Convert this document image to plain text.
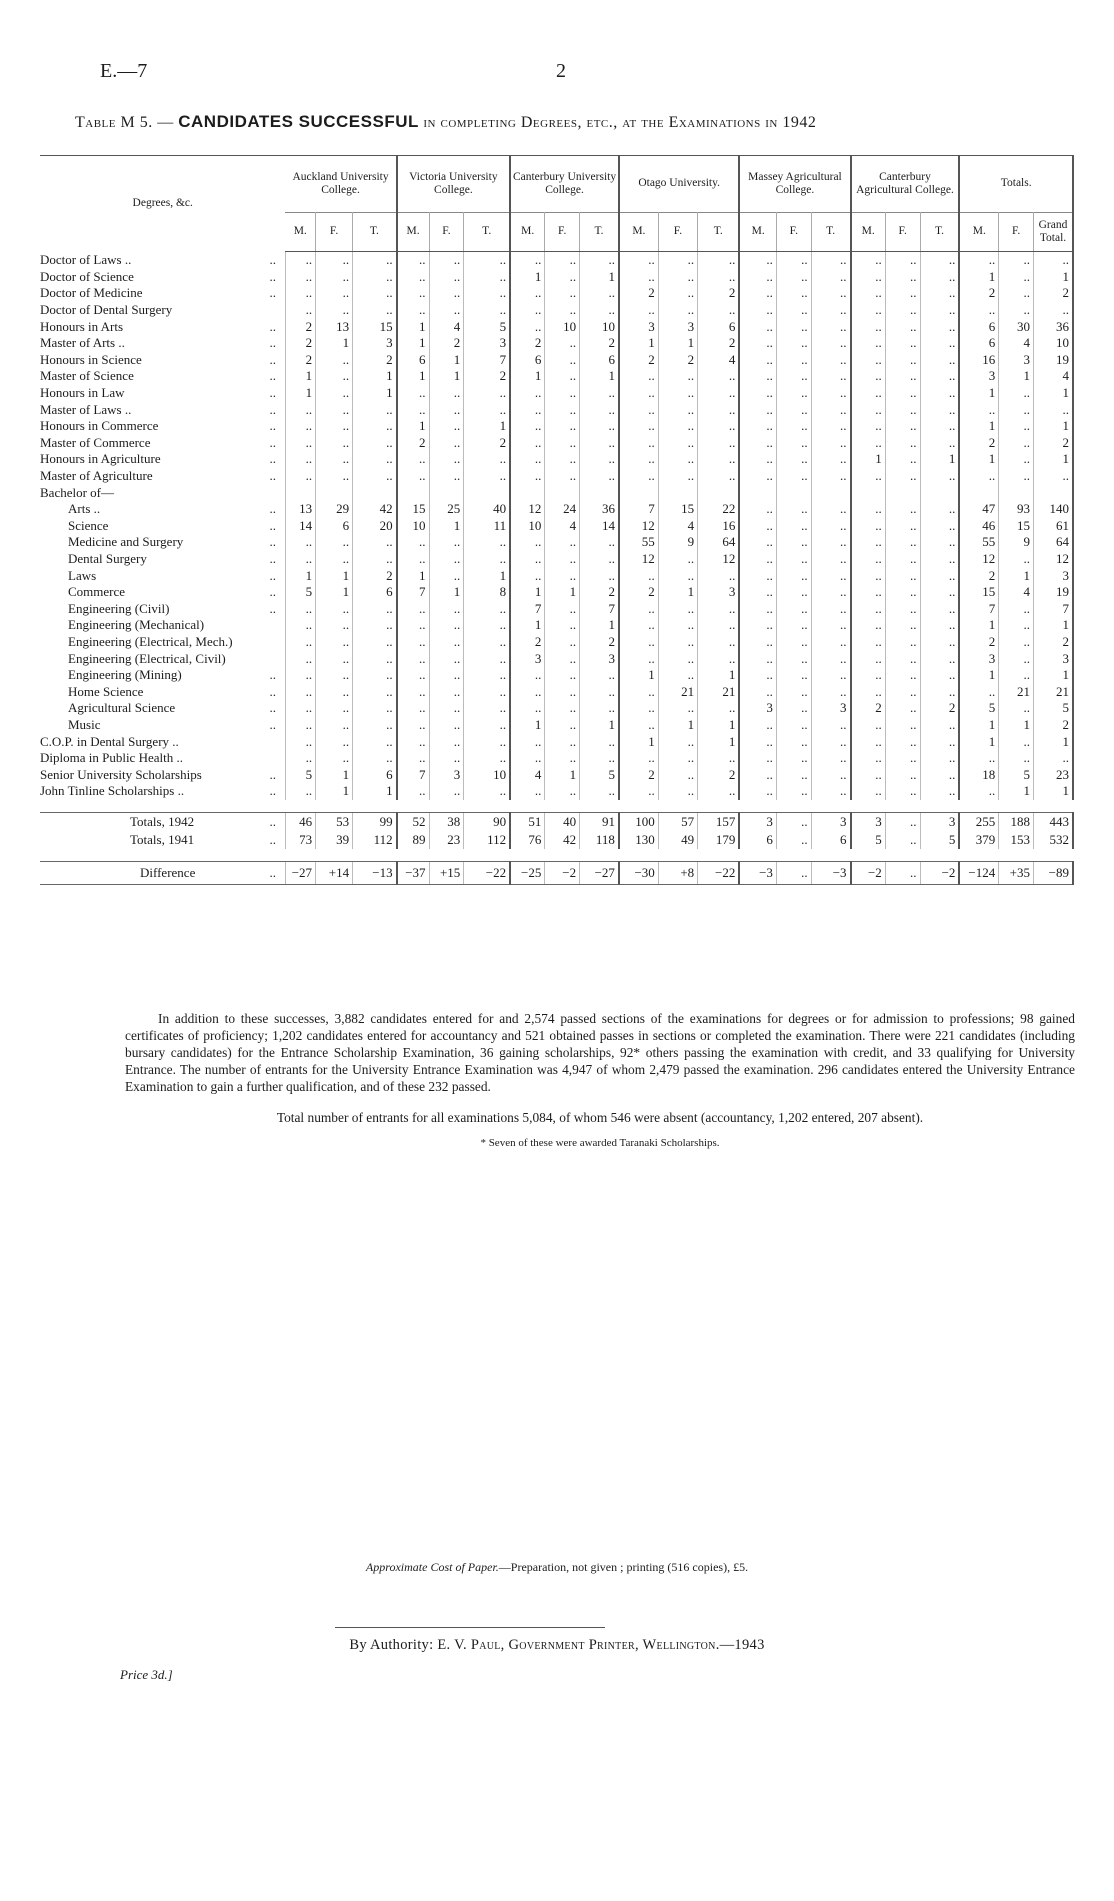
E.—7	2
Table M 5. — CANDIDATES SUCCESSFUL in completing Degrees, etc., at the Examinations in 1942
Degrees, &c.	Auckland University College.			Victoria University College.			Canterbury University College.			Otago University.			Massey Agricultural College.			Canterbury Agricultural College.			Totals.		
	M.	F.	T.	M.	F.	T.	M.	F.	T.	M.	F.	T.	M.	F.	T.	M.	F.	T.	M.	F.	Grand Total.
Doctor of Laws .. ..	..	..	..	..	..	..	..	..	..	..	..	..	..	..	..	..	..	..	..	..	..
Doctor of Science ..	..	..	..	..	..	..	1	..	1	..	..	..	..	..	..	..	..	..	1	..	1
Doctor of Medicine ..	..	..	..	..	..	..	..	..	..	2	..	2	..	..	..	..	..	..	2	..	2
Doctor of Dental Surgery	..	..	..	..	..	..	..	..	..	..	..	..	..	..	..	..	..	..	..	..	..
Honours in Arts ..	2	13	15	1	4	5	..	10	10	3	3	6	..	..	..	..	..	..	6	30	36
Master of Arts .. ..	2	1	3	1	2	3	2	..	2	1	1	2	..	..	..	..	..	..	6	4	10
Honours in Science ..	2	..	2	6	1	7	6	..	6	2	2	4	..	..	..	..	..	..	16	3	19
Master of Science ..	1	..	1	1	1	2	1	..	1	..	..	..	..	..	..	..	..	..	3	1	4
Honours in Law ..	1	..	1	..	..	..	..	..	..	..	..	..	..	..	..	..	..	..	1	..	1
Master of Laws .. ..	..	..	..	..	..	..	..	..	..	..	..	..	..	..	..	..	..	..	..	..	..
Honours in Commerce ..	..	..	..	1	..	1	..	..	..	..	..	..	..	..	..	..	..	..	1	..	1
Master of Commerce ..	..	..	..	2	..	2	..	..	..	..	..	..	..	..	..	..	..	..	2	..	2
Honours in Agriculture ..	..	..	..	..	..	..	..	..	..	..	..	..	..	..	..	1	..	1	1	..	1
Master of Agriculture ..	..	..	..	..	..	..	..	..	..	..	..	..	..	..	..	..	..	..	..	..	..
Bachelor of—																					
Arts .. ..	13	29	42	15	25	40	12	24	36	7	15	22	..	..	..	..	..	..	47	93	140
Science ..	14	6	20	10	1	11	10	4	14	12	4	16	..	..	..	..	..	..	46	15	61
Medicine and Surgery ..	..	..	..	..	..	..	..	..	..	55	9	64	..	..	..	..	..	..	55	9	64
Dental Surgery ..	..	..	..	..	..	..	..	..	..	12	..	12	..	..	..	..	..	..	12	..	12
Laws ..	1	1	2	1	..	1	..	..	..	..	..	..	..	..	..	..	..	..	2	1	3
Commerce ..	5	1	6	7	1	8	1	1	2	2	1	3	..	..	..	..	..	..	15	4	19
Engineering (Civil) ..	..	..	..	..	..	..	7	..	7	..	..	..	..	..	..	..	..	..	7	..	7
Engineering (Mechanical)	..	..	..	..	..	..	1	..	1	..	..	..	..	..	..	..	..	..	1	..	1
Engineering (Electrical, Mech.)	..	..	..	..	..	..	2	..	2	..	..	..	..	..	..	..	..	..	2	..	2
Engineering (Electrical, Civil)	..	..	..	..	..	..	3	..	3	..	..	..	..	..	..	..	..	..	3	..	3
Engineering (Mining) ..	..	..	..	..	..	..	..	..	..	1	..	1	..	..	..	..	..	..	1	..	1
Home Science ..	..	..	..	..	..	..	..	..	..	..	21	21	..	..	..	..	..	..	..	21	21
Agricultural Science ..	..	..	..	..	..	..	..	..	..	..	..	..	3	..	3	2	..	2	5	..	5
Music ..	..	..	..	..	..	..	1	..	1	..	1	1	..	..	..	..	..	..	1	1	2
C.O.P. in Dental Surgery ..	..	..	..	..	..	..	..	..	..	1	..	1	..	..	..	..	..	..	1	..	1
Diploma in Public Health ..	..	..	..	..	..	..	..	..	..	..	..	..	..	..	..	..	..	..	..	..	..
Senior University Scholarships ..	5	1	6	7	3	10	4	1	5	2	..	2	..	..	..	..	..	..	18	5	23
John Tinline Scholarships .. ..	..	1	1	..	..	..	..	..	..	..	..	..	..	..	..	..	..	..	..	1	1

Totals, 1942 ..	46	53	99	52	38	90	51	40	91	100	57	157	3	..	3	3	..	3	255	188	443
Totals, 1941 ..	73	39	112	89	23	112	76	42	118	130	49	179	6	..	6	5	..	5	379	153	532

Difference ..	−27	+14	−13	−37	+15	−22	−25	−2	−27	−30	+8	−22	−3	..	−3	−2	..	−2	−124	+35	−89

In addition to these successes, 3,882 candidates entered for and 2,574 passed sections of the examinations for degrees or for admission to professions; 98 gained certificates of proficiency; 1,202 candidates entered for accountancy and 521 obtained passes in sections or completed the examination. There were 221 candidates (including bursary candidates) for the Entrance Scholarship Examination, 36 gaining scholarships, 92* others passing the examination with credit, and 33 qualifying for University Entrance. The number of entrants for the University Entrance Examination was 4,947 of whom 2,479 passed the examination. 296 candidates entered the University Entrance Examination to gain a further qualification, and of these 232 passed.

Total number of entrants for all examinations 5,084, of whom 546 were absent (accountancy, 1,202 entered, 207 absent).

* Seven of these were awarded Taranaki Scholarships.

Approximate Cost of Paper.—Preparation, not given ; printing (516 copies), £5.
By Authority: E. V. Paul, Government Printer, Wellington.—1943
Price 3d.]
